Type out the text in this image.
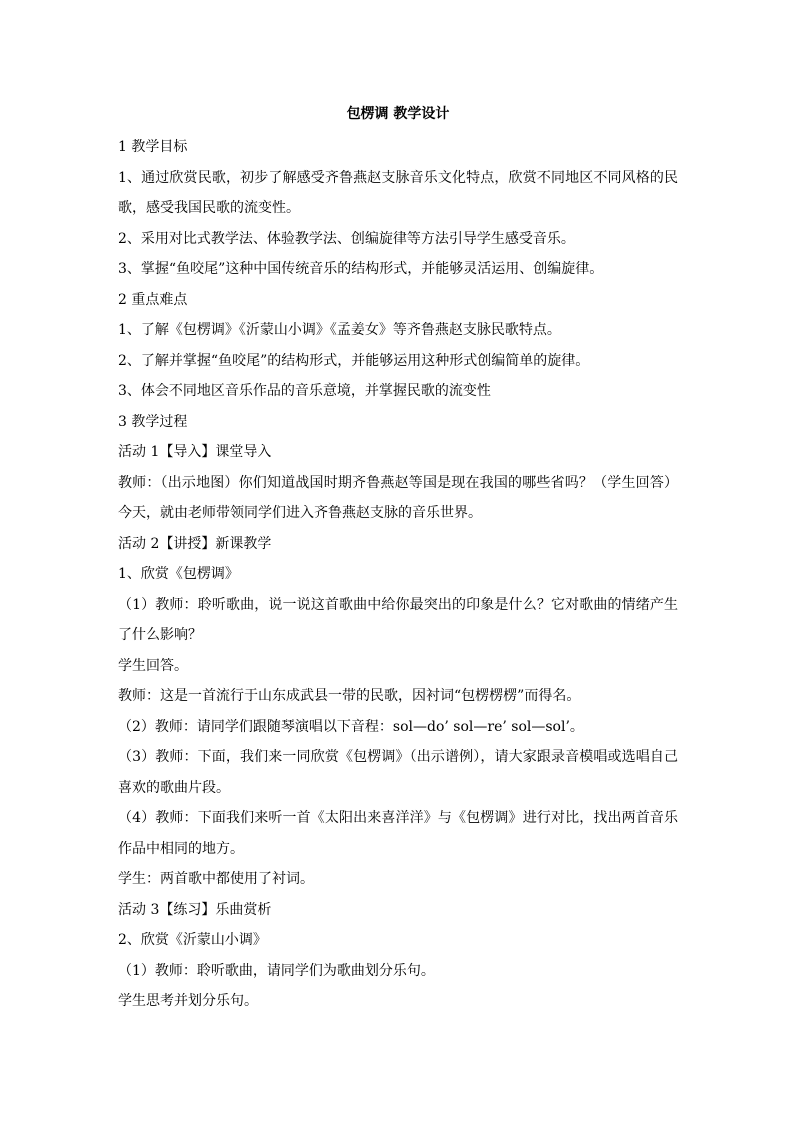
包楞调 教学设计

1 教学目标

1、通过欣赏民歌，初步了解感受齐鲁燕赵支脉音乐文化特点，欣赏不同地区不同风格的民歌，感受我国民歌的流变性。

2、采用对比式教学法、体验教学法、创编旋律等方法引导学生感受音乐。

3、掌握“鱼咬尾”这种中国传统音乐的结构形式，并能够灵活运用、创编旋律。

2 重点难点

1、了解《包楞调》《沂蒙山小调》《孟姜女》等齐鲁燕赵支脉民歌特点。

2、了解并掌握“鱼咬尾”的结构形式，并能够运用这种形式创编简单的旋律。

3、体会不同地区音乐作品的音乐意境，并掌握民歌的流变性

3 教学过程

活动 1【导入】课堂导入

教师：（出示地图）你们知道战国时期齐鲁燕赵等国是现在我国的哪些省吗？（学生回答）今天，就由老师带领同学们进入齐鲁燕赵支脉的音乐世界。

活动 2【讲授】新课教学

1、欣赏《包楞调》

（1）教师：聆听歌曲，说一说这首歌曲中给你最突出的印象是什么？它对歌曲的情绪产生了什么影响？

学生回答。

教师：这是一首流行于山东成武县一带的民歌，因衬词“包楞楞楞”而得名。

（2）教师：请同学们跟随琴演唱以下音程：sol—do’ sol—re’ sol—sol’。

（3）教师：下面，我们来一同欣赏《包楞调》（出示谱例），请大家跟录音模唱或选唱自己喜欢的歌曲片段。

（4）教师：下面我们来听一首《太阳出来喜洋洋》与《包楞调》进行对比，找出两首音乐作品中相同的地方。

学生：两首歌中都使用了衬词。

活动 3【练习】乐曲赏析

2、欣赏《沂蒙山小调》

（1）教师：聆听歌曲，请同学们为歌曲划分乐句。

学生思考并划分乐句。
